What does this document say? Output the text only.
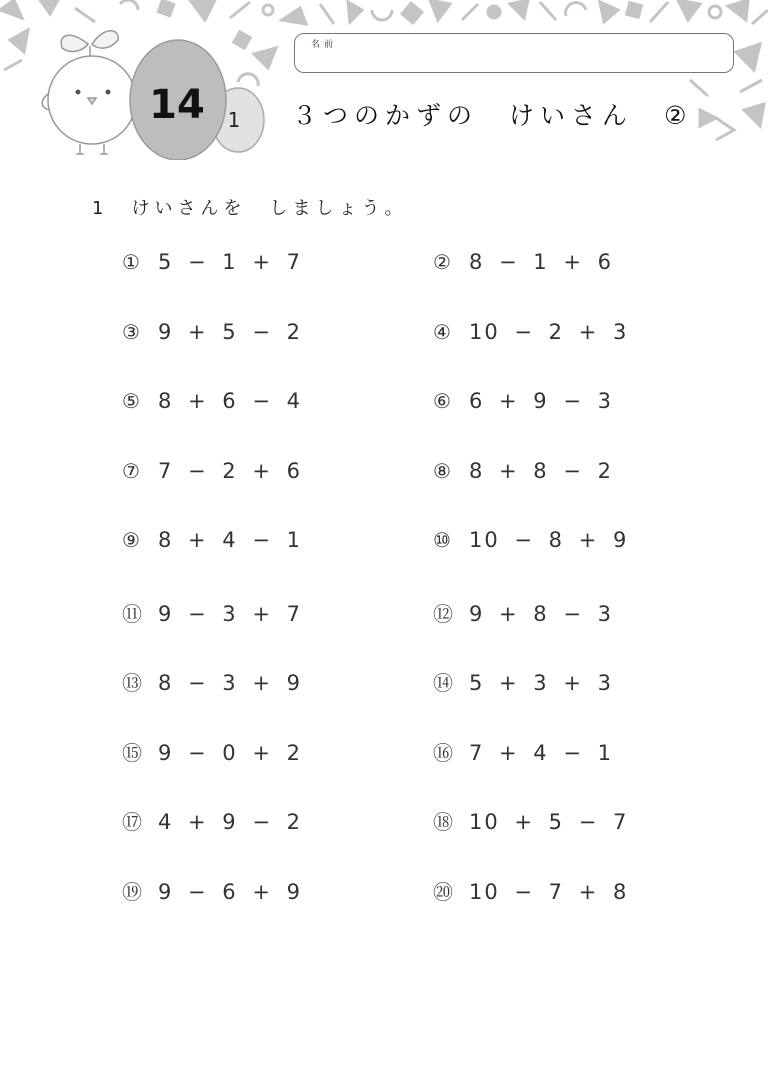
名前
14 1 ３つのかずの　けいさん　②
1　けいさんを　しましょう。
① 5 − 1 + 7	② 8 − 1 + 6
③ 9 + 5 − 2	④ 10 − 2 + 3
⑤ 8 + 6 − 4	⑥ 6 + 9 − 3
⑦ 7 − 2 + 6	⑧ 8 + 8 − 2
⑨ 8 + 4 − 1	⑩ 10 − 8 + 9
⑪ 9 − 3 + 7	⑫ 9 + 8 − 3
⑬ 8 − 3 + 9	⑭ 5 + 3 + 3
⑮ 9 − 0 + 2	⑯ 7 + 4 − 1
⑰ 4 + 9 − 2	⑱ 10 + 5 − 7
⑲ 9 − 6 + 9	⑳ 10 − 7 + 8
